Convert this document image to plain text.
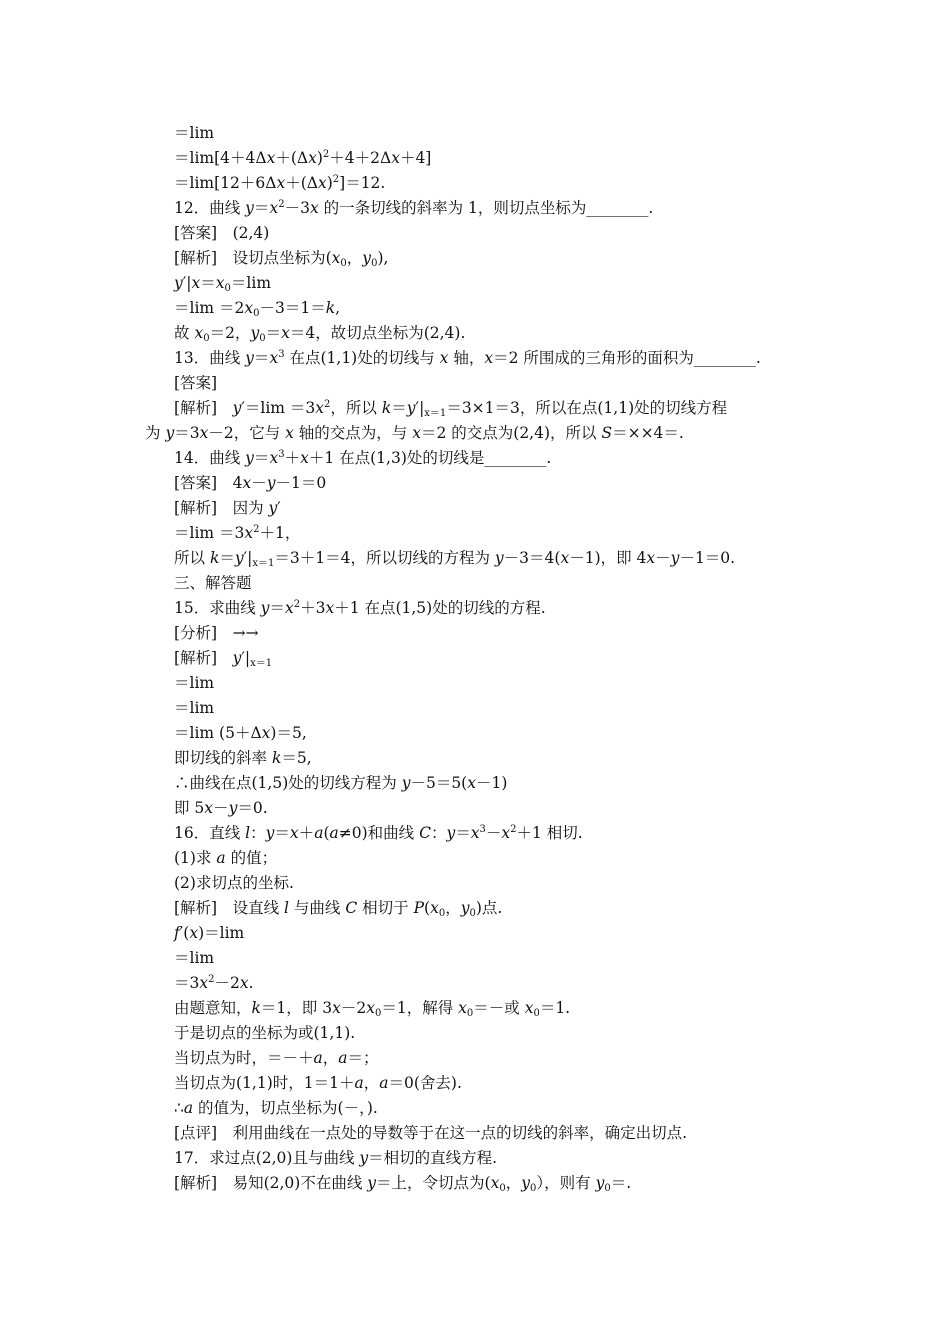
＝lim
$=\lim[4+4\Delta x+(\Delta x)^2+4+2\Delta x+4]$
$=\lim[12+6\Delta x+(\Delta x)^2]=12$.
12．曲线 $y=x^2-3x$ 的一条切线的斜率为 1，则切点坐标为________.
[答案]　(2,4)
[解析]　设切点坐标为($x_0$，$y_0$),
$y'|x=x_0=\lim$
$=\lim =2x_0-3=1=k$,
故 $x_0=2$，$y_0=x=4$，故切点坐标为(2,4).
13．曲线 $y=x^3$ 在点(1,1)处的切线与 x 轴，x＝2 所围成的三角形的面积为________.
[答案]
[解析]　$y'=\lim =3x^2$，所以 $k=y'|_{x=1}=3\times 1=3$，所以在点(1,1)处的切线方程
为 y＝3x－2，它与 x 轴的交点为，与 x＝2 的交点为(2,4)，所以 S＝××4＝.
14．曲线 $y=x^3+x+1$ 在点(1,3)处的切线是________.
[答案]　4x－y－1＝0
[解析]　因为 y′
$=\lim =3x^2+1$，
所以 $k=y'|_{x=1}=3+1=4$，所以切线的方程为 y－3＝4(x－1)，即 4x－y－1＝0.
三、解答题
15．求曲线 $y=x^2+3x+1$ 在点(1,5)处的切线的方程.
[分析]　→→
[解析]　$y'|_{x=1}$
＝lim
＝lim
＝lim (5＋Δx)＝5,
即切线的斜率 k＝5,
∴曲线在点(1,5)处的切线方程为 y－5＝5(x－1)
即 5x－y＝0.
16．直线 l：y＝x＋a(a≠0)和曲线 C：$y=x^3-x^2+1$ 相切.
(1)求 a 的值；
(2)求切点的坐标.
[解析]　设直线 l 与曲线 C 相切于 $P(x_0$，$y_0$)点.
f′(x)＝lim
＝lim
$=3x^2-2x$.
由题意知，k＝1，即 $3x-2x_0=1$，解得 $x_0=-$或 $x_0=1$.
于是切点的坐标为或(1,1).
当切点为时，＝－＋a，a＝；
当切点为(1,1)时，1＝1＋a，a＝0(舍去).
∴a 的值为，切点坐标为(－，).
[点评]　利用曲线在一点处的导数等于在这一点的切线的斜率，确定出切点.
17．求过点(2,0)且与曲线 y＝相切的直线方程.
[解析]　易知(2,0)不在曲线 y＝上，令切点为($x_0$，$y_0$），则有 $y_0=$.
